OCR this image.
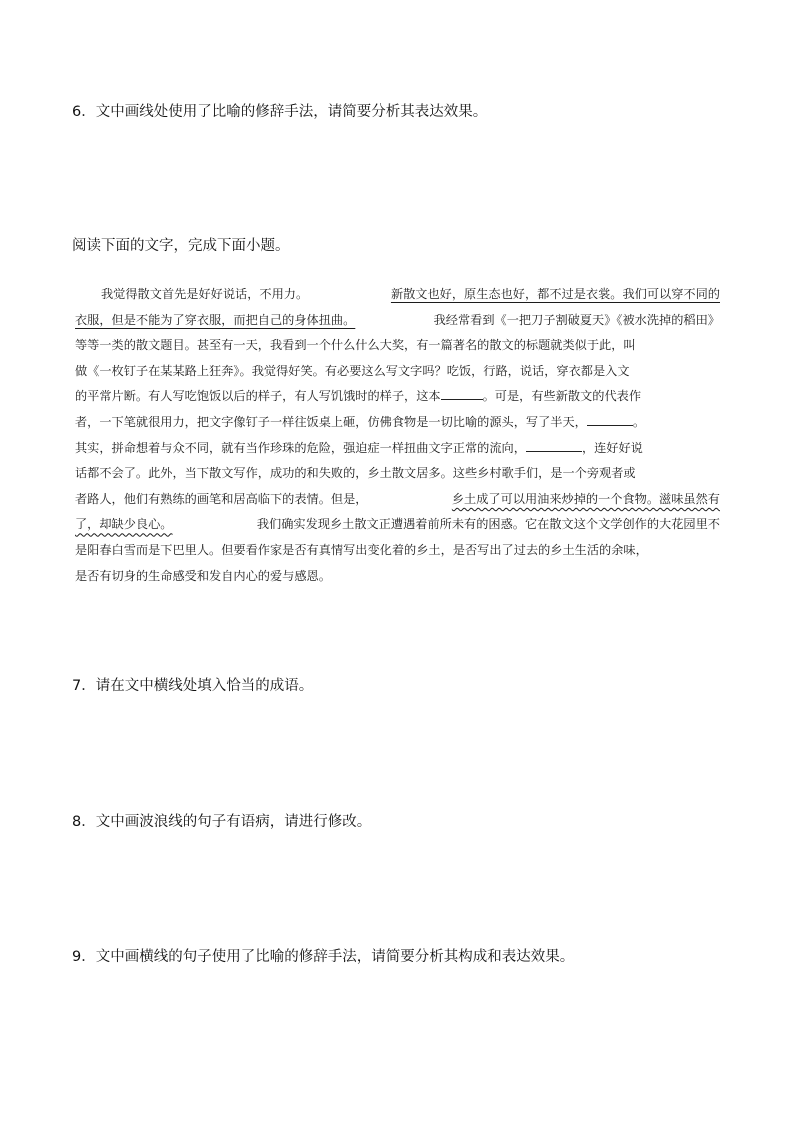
6．文中画线处使用了比喻的修辞手法，请简要分析其表达效果。

阅读下面的文字，完成下面小题。

我觉得散文首先是好好说话，不用力。	新散文也好，原生态也好，都不过是衣裳。我们可以穿不同的
衣服，但是不能为了穿衣服，而把自己的身体扭曲。	我经常看到《一把刀子割破夏天》《被水洗掉的稻田》
等等一类的散文题目。甚至有一天，我看到一个什么什么大奖，有一篇著名的散文的标题就类似于此，叫
做《一枚钉子在某某路上狂奔》。我觉得好笑。有必要这么写文字吗？吃饭，行路，说话，穿衣都是入文
的平常片断。有人写吃饱饭以后的样子，有人写饥饿时的样子，这本	。可是，有些新散文的代表作
者，一下笔就很用力，把文字像钉子一样往饭桌上砸，仿佛食物是一切比喻的源头，写了半天，	。
其实，拼命想着与众不同，就有当作珍珠的危险，强迫症一样扭曲文字正常的流向，	，连好好说
话都不会了。此外，当下散文写作，成功的和失败的，乡土散文居多。这些乡村歌手们，是一个旁观者或
者路人，他们有熟练的画笔和居高临下的表情。但是，	乡土成了可以用油来炒掉的一个食物。滋味虽然有
了，却缺少良心。	我们确实发现乡土散文正遭遇着前所未有的困惑。它在散文这个文学创作的大花园里不
是阳春白雪而是下巴里人。但要看作家是否有真情写出变化着的乡土，是否写出了过去的乡土生活的余味，
是否有切身的生命感受和发自内心的爱与感恩。

7．请在文中横线处填入恰当的成语。

8．文中画波浪线的句子有语病，请进行修改。

9．文中画横线的句子使用了比喻的修辞手法，请简要分析其构成和表达效果。
